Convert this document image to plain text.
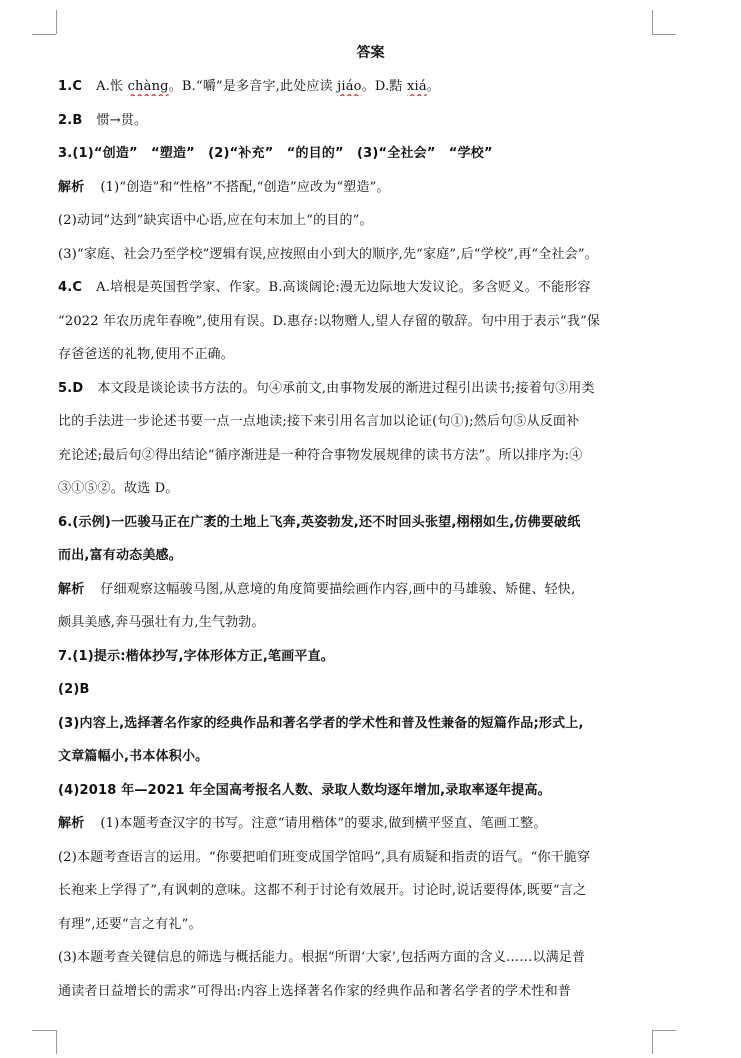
答案
1.C A.怅 chàng。B.“嚼”是多音字,此处应读 jiáo。D.黠 xiá。
2.B 惯→贯。
3.(1)“创造”　“塑造”　(2)“补充”　“的目的”　(3)“全社会”　“学校”
解析 (1)“创造”和“性格”不搭配,“创造”应改为“塑造”。
(2)动词“达到”缺宾语中心语,应在句末加上“的目的”。
(3)“家庭、社会乃至学校”逻辑有误,应按照由小到大的顺序,先“家庭”,后“学校”,再“全社会”。
4.C A.培根是英国哲学家、作家。B.高谈阔论:漫无边际地大发议论。多含贬义。不能形容
“2022 年农历虎年春晚”,使用有误。D.惠存:以物赠人,望人存留的敬辞。句中用于表示“我”保
存爸爸送的礼物,使用不正确。
5.D 本文段是谈论读书方法的。句④承前文,由事物发展的渐进过程引出读书;接着句③用类
比的手法进一步论述书要一点一点地读;接下来引用名言加以论证(句①);然后句⑤从反面补
充论述;最后句②得出结论“循序渐进是一种符合事物发展规律的读书方法”。所以排序为:④
③①⑤②。故选 D。
6.(示例)一匹骏马正在广袤的土地上飞奔,英姿勃发,还不时回头张望,栩栩如生,仿佛要破纸
而出,富有动态美感。
解析 仔细观察这幅骏马图,从意境的角度简要描绘画作内容,画中的马雄骏、矫健、轻快,
颇具美感,奔马强壮有力,生气勃勃。
7.(1)提示:楷体抄写,字体形体方正,笔画平直。
(2)B
(3)内容上,选择著名作家的经典作品和著名学者的学术性和普及性兼备的短篇作品;形式上,
文章篇幅小,书本体积小。
(4)2018 年—2021 年全国高考报名人数、录取人数均逐年增加,录取率逐年提高。
解析 (1)本题考查汉字的书写。注意“请用楷体”的要求,做到横平竖直、笔画工整。
(2)本题考查语言的运用。“你要把咱们班变成国学馆吗”,具有质疑和指责的语气。“你干脆穿
长袍来上学得了”,有讽刺的意味。这都不利于讨论有效展开。讨论时,说话要得体,既要“言之
有理”,还要“言之有礼”。
(3)本题考查关键信息的筛选与概括能力。根据“所谓‘大家’,包括两方面的含义……以满足普
通读者日益增长的需求”可得出:内容上选择著名作家的经典作品和著名学者的学术性和普
